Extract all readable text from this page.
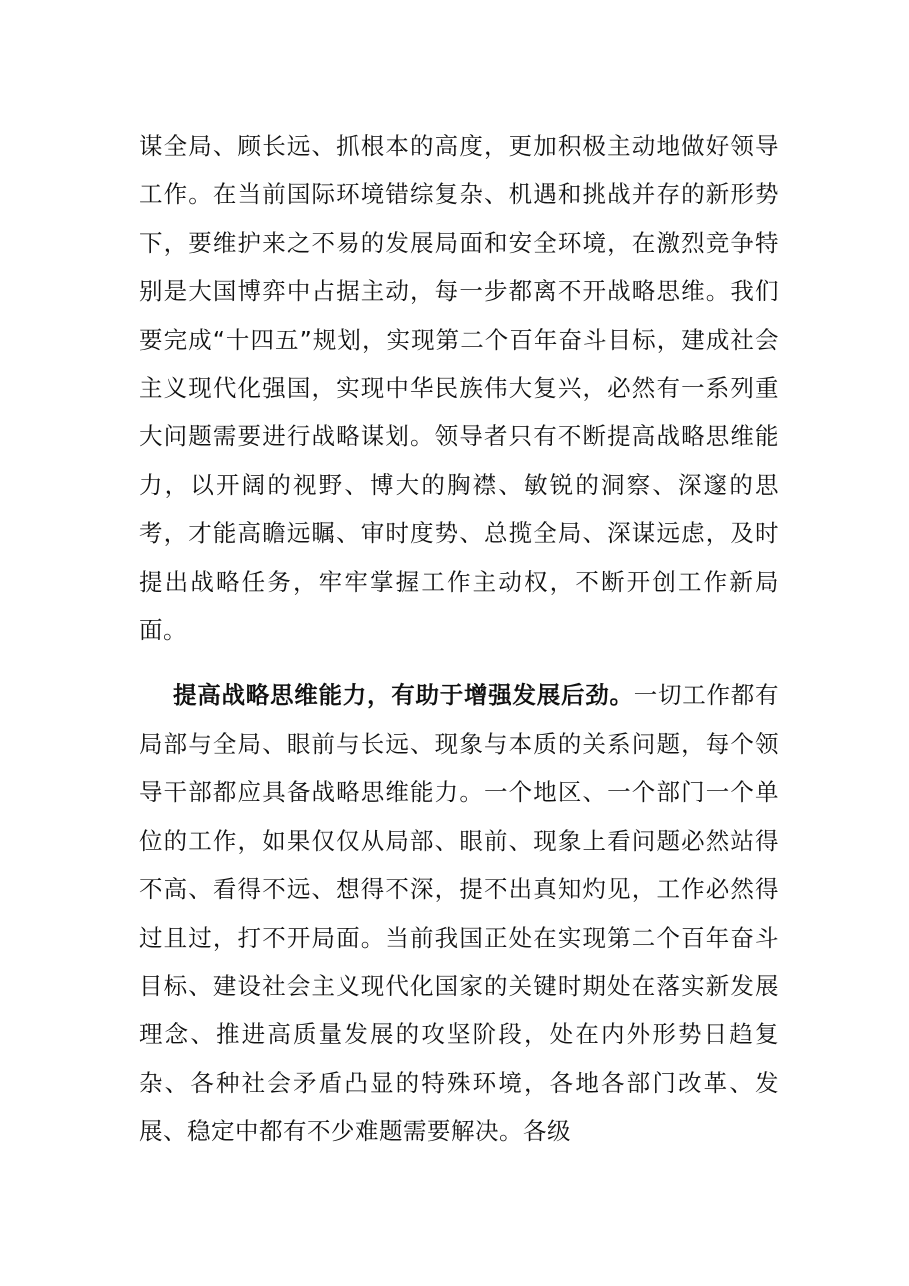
谋全局、顾长远、抓根本的高度，更加积极主动地做好领导工作。在当前国际环境错综复杂、机遇和挑战并存的新形势下，要维护来之不易的发展局面和安全环境，在激烈竞争特别是大国博弈中占据主动，每一步都离不开战略思维。我们要完成“十四五”规划，实现第二个百年奋斗目标，建成社会主义现代化强国，实现中华民族伟大复兴，必然有一系列重大问题需要进行战略谋划。领导者只有不断提高战略思维能力，以开阔的视野、博大的胸襟、敏锐的洞察、深邃的思考，才能高瞻远瞩、审时度势、总揽全局、深谋远虑，及时提出战略任务，牢牢掌握工作主动权，不断开创工作新局面。

提高战略思维能力，有助于增强发展后劲。一切工作都有局部与全局、眼前与长远、现象与本质的关系问题，每个领导干部都应具备战略思维能力。一个地区、一个部门一个单位的工作，如果仅仅从局部、眼前、现象上看问题必然站得不高、看得不远、想得不深，提不出真知灼见，工作必然得过且过，打不开局面。当前我国正处在实现第二个百年奋斗目标、建设社会主义现代化国家的关键时期处在落实新发展理念、推进高质量发展的攻坚阶段，处在内外形势日趋复杂、各种社会矛盾凸显的特殊环境，各地各部门改革、发展、稳定中都有不少难题需要解决。各级
